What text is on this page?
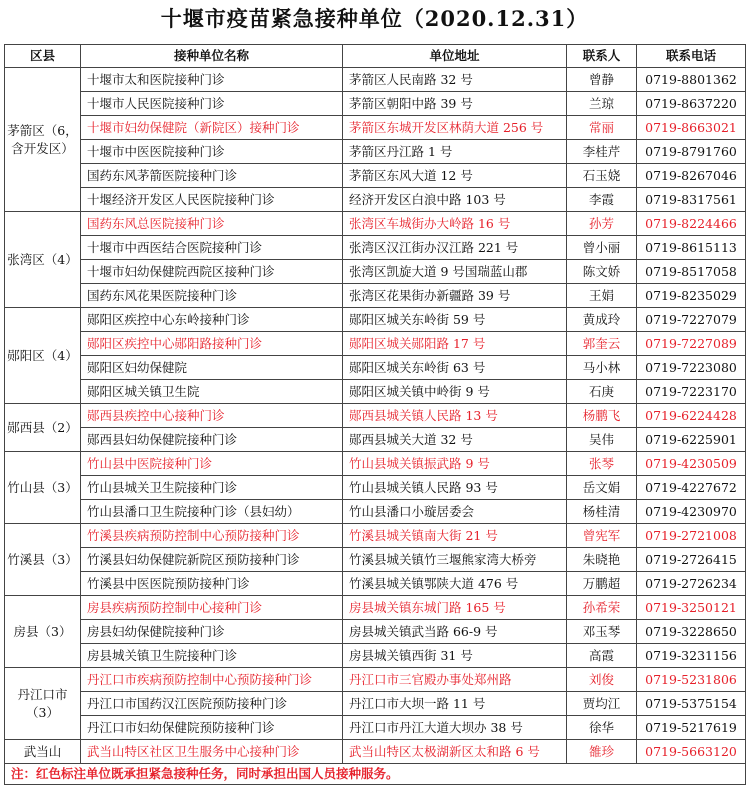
十堰市疫苗紧急接种单位（2020.12.31）
区县	接种单位名称	单位地址	联系人	联系电话
茅箭区（6，含开发区）	十堰市太和医院接种门诊	茅箭区人民南路 32 号	曾静	0719-8801362
	十堰市人民医院接种门诊	茅箭区朝阳中路 39 号	兰琼	0719-8637220
	十堰市妇幼保健院（新院区）接种门诊	茅箭区东城开发区林荫大道 256 号	常丽	0719-8663021
	十堰市中医医院接种门诊	茅箭区丹江路 1 号	李桂芹	0719-8791760
	国药东风茅箭医院接种门诊	茅箭区东风大道 12 号	石玉娆	0719-8267046
	十堰经济开发区人民医院接种门诊	经济开发区白浪中路 103 号	李霞	0719-8317561
张湾区（4）	国药东风总医院接种门诊	张湾区车城街办大岭路 16 号	孙芳	0719-8224466
	十堰市中西医结合医院接种门诊	张湾区汉江街办汉江路 221 号	曾小丽	0719-8615113
	十堰市妇幼保健院西院区接种门诊	张湾区凯旋大道 9 号国瑞蓝山郡	陈文娇	0719-8517058
	国药东风花果医院接种门诊	张湾区花果街办新疆路 39 号	王娟	0719-8235029
郧阳区（4）	郧阳区疾控中心东岭接种门诊	郧阳区城关东岭街 59 号	黄成玲	0719-7227079
	郧阳区疾控中心郧阳路接种门诊	郧阳区城关郧阳路 17 号	郭奎云	0719-7227089
	郧阳区妇幼保健院	郧阳区城关东岭街 63 号	马小林	0719-7223080
	郧阳区城关镇卫生院	郧阳区城关镇中岭街 9 号	石庚	0719-7223170
郧西县（2）	郧西县疾控中心接种门诊	郧西县城关镇人民路 13 号	杨鹏飞	0719-6224428
	郧西县妇幼保健院接种门诊	郧西县城关大道 32 号	吴伟	0719-6225901
竹山县（3）	竹山县中医院接种门诊	竹山县城关镇振武路 9 号	张琴	0719-4230509
	竹山县城关卫生院接种门诊	竹山县城关镇人民路 93 号	岳文娟	0719-4227672
	竹山县潘口卫生院接种门诊（县妇幼）	竹山县潘口小璇居委会	杨桂清	0719-4230970
竹溪县（3）	竹溪县疾病预防控制中心预防接种门诊	竹溪县城关镇南大街 21 号	曾宪军	0719-2721008
	竹溪县妇幼保健院新院区预防接种门诊	竹溪县城关镇竹三堰熊家湾大桥旁	朱晓艳	0719-2726415
	竹溪县中医医院预防接种门诊	竹溪县城关镇鄂陕大道 476 号	万鹏超	0719-2726234
房县（3）	房县疾病预防控制中心接种门诊	房县城关镇东城门路 165 号	孙希荣	0719-3250121
	房县妇幼保健院接种门诊	房县城关镇武当路 66-9 号	邓玉琴	0719-3228650
	房县城关镇卫生院接种门诊	房县城关镇西街 31 号	高霞	0719-3231156
丹江口市（3）	丹江口市疾病预防控制中心预防接种门诊	丹江口市三官殿办事处郑州路	刘俊	0719-5231806
	丹江口市国药汉江医院预防接种门诊	丹江口市大坝一路 11 号	贾均江	0719-5375154
	丹江口市妇幼保健院预防接种门诊	丹江口市丹江大道大坝办 38 号	徐华	0719-5217619
武当山	武当山特区社区卫生服务中心接种门诊	武当山特区太极湖新区太和路 6 号	雒珍	0719-5663120
注：红色标注单位既承担紧急接种任务，同时承担出国人员接种服务。				
